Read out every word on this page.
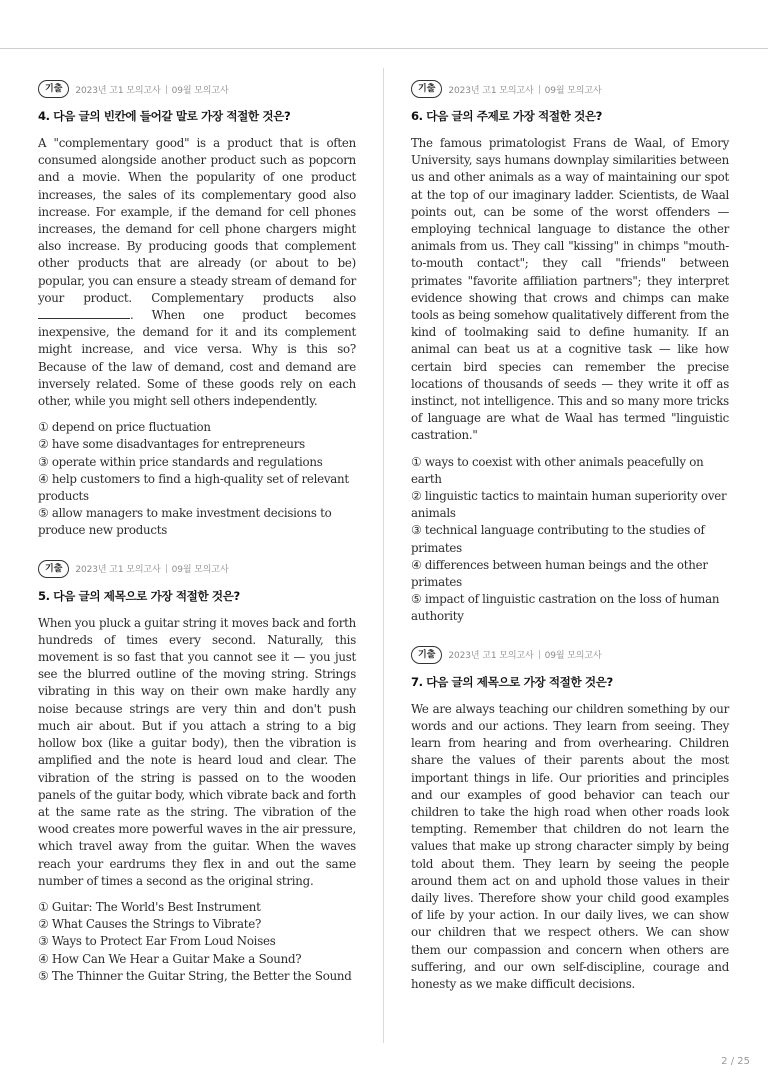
기출	2023년 고1 모의고사 09월 모의고사

4. 다음 글의 빈칸에 들어갈 말로 가장 적절한 것은?

A "complementary good" is a product that is often consumed alongside another product such as popcorn and a movie. When the popularity of one product increases, the sales of its complementary good also increase. For example, if the demand for cell phones increases, the demand for cell phone chargers might also increase. By producing goods that complement other products that are already (or about to be) popular, you can ensure a steady stream of demand for your product. Complementary products also . When one product becomes inexpensive, the demand for it and its complement might increase, and vice versa. Why is this so? Because of the law of demand, cost and demand are inversely related. Some of these goods rely on each other, while you might sell others independently.

① depend on price fluctuation
② have some disadvantages for entrepreneurs
③ operate within price standards and regulations
④ help customers to find a high-quality set of relevant products
⑤ allow managers to make investment decisions to produce new products
기출	2023년 고1 모의고사 09월 모의고사

5. 다음 글의 제목으로 가장 적절한 것은?

When you pluck a guitar string it moves back and forth hundreds of times every second. Naturally, this movement is so fast that you cannot see it — you just see the blurred outline of the moving string. Strings vibrating in this way on their own make hardly any noise because strings are very thin and don't push much air about. But if you attach a string to a big hollow box (like a guitar body), then the vibration is amplified and the note is heard loud and clear. The vibration of the string is passed on to the wooden panels of the guitar body, which vibrate back and forth at the same rate as the string. The vibration of the wood creates more powerful waves in the air pressure, which travel away from the guitar. When the waves reach your eardrums they flex in and out the same number of times a second as the original string.

① Guitar: The World's Best Instrument
② What Causes the Strings to Vibrate?
③ Ways to Protect Ear From Loud Noises
④ How Can We Hear a Guitar Make a Sound?
⑤ The Thinner the Guitar String, the Better the Sound
기출	2023년 고1 모의고사 09월 모의고사

6. 다음 글의 주제로 가장 적절한 것은?

The famous primatologist Frans de Waal, of Emory University, says humans downplay similarities between us and other animals as a way of maintaining our spot at the top of our imaginary ladder. Scientists, de Waal points out, can be some of the worst offenders — employing technical language to distance the other animals from us. They call "kissing" in chimps "mouth-to-mouth contact"; they call "friends" between primates "favorite affiliation partners"; they interpret evidence showing that crows and chimps can make tools as being somehow qualitatively different from the kind of toolmaking said to define humanity. If an animal can beat us at a cognitive task — like how certain bird species can remember the precise locations of thousands of seeds — they write it off as instinct, not intelligence. This and so many more tricks of language are what de Waal has termed "linguistic castration."

① ways to coexist with other animals peacefully on earth
② linguistic tactics to maintain human superiority over animals
③ technical language contributing to the studies of primates
④ differences between human beings and the other primates
⑤ impact of linguistic castration on the loss of human authority
기출	2023년 고1 모의고사 09월 모의고사

7. 다음 글의 제목으로 가장 적절한 것은?

We are always teaching our children something by our words and our actions. They learn from seeing. They learn from hearing and from overhearing. Children share the values of their parents about the most important things in life. Our priorities and principles and our examples of good behavior can teach our children to take the high road when other roads look tempting. Remember that children do not learn the values that make up strong character simply by being told about them. They learn by seeing the people around them act on and uphold those values in their daily lives. Therefore show your child good examples of life by your action. In our daily lives, we can show our children that we respect others. We can show them our compassion and concern when others are suffering, and our own self-discipline, courage and honesty as we make difficult decisions.

2 / 25
